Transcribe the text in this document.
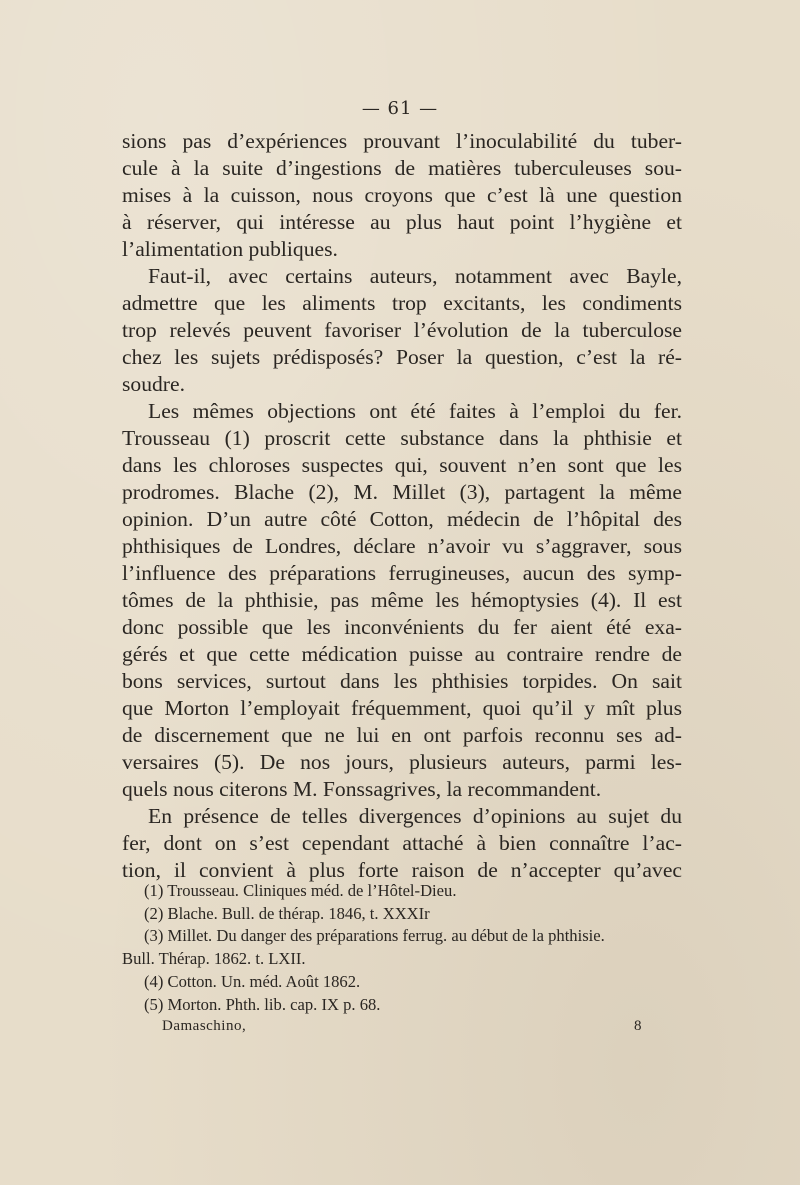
— 61 —
sions pas d’expériences prouvant l’inoculabilité du tuber-
cule à la suite d’ingestions de matières tuberculeuses sou-
mises à la cuisson, nous croyons que c’est là une question
à réserver, qui intéresse au plus haut point l’hygiène et
l’alimentation publiques.
Faut-il, avec certains auteurs, notamment avec Bayle,
admettre que les aliments trop excitants, les condiments
trop relevés peuvent favoriser l’évolution de la tuberculose
chez les sujets prédisposés? Poser la question, c’est la ré-
soudre.
Les mêmes objections ont été faites à l’emploi du fer.
Trousseau (1) proscrit cette substance dans la phthisie et
dans les chloroses suspectes qui, souvent n’en sont que les
prodromes. Blache (2), M. Millet (3), partagent la même
opinion. D’un autre côté Cotton, médecin de l’hôpital des
phthisiques de Londres, déclare n’avoir vu s’aggraver, sous
l’influence des préparations ferrugineuses, aucun des symp-
tômes de la phthisie, pas même les hémoptysies (4). Il est
donc possible que les inconvénients du fer aient été exa-
gérés et que cette médication puisse au contraire rendre de
bons services, surtout dans les phthisies torpides. On sait
que Morton l’employait fréquemment, quoi qu’il y mît plus
de discernement que ne lui en ont parfois reconnu ses ad-
versaires (5). De nos jours, plusieurs auteurs, parmi les-
quels nous citerons M. Fonssagrives, la recommandent.
En présence de telles divergences d’opinions au sujet du
fer, dont on s’est cependant attaché à bien connaître l’ac-
tion, il convient à plus forte raison de n’accepter qu’avec
(1) Trousseau. Cliniques méd. de l’Hôtel-Dieu.
(2) Blache. Bull. de thérap. 1846, t. XXXIr
(3) Millet. Du danger des préparations ferrug. au début de la phthisie.
Bull. Thérap. 1862. t. LXII.
(4) Cotton. Un. méd. Août 1862.
(5) Morton. Phth. lib. cap. IX p. 68.
Damaschino,	8
